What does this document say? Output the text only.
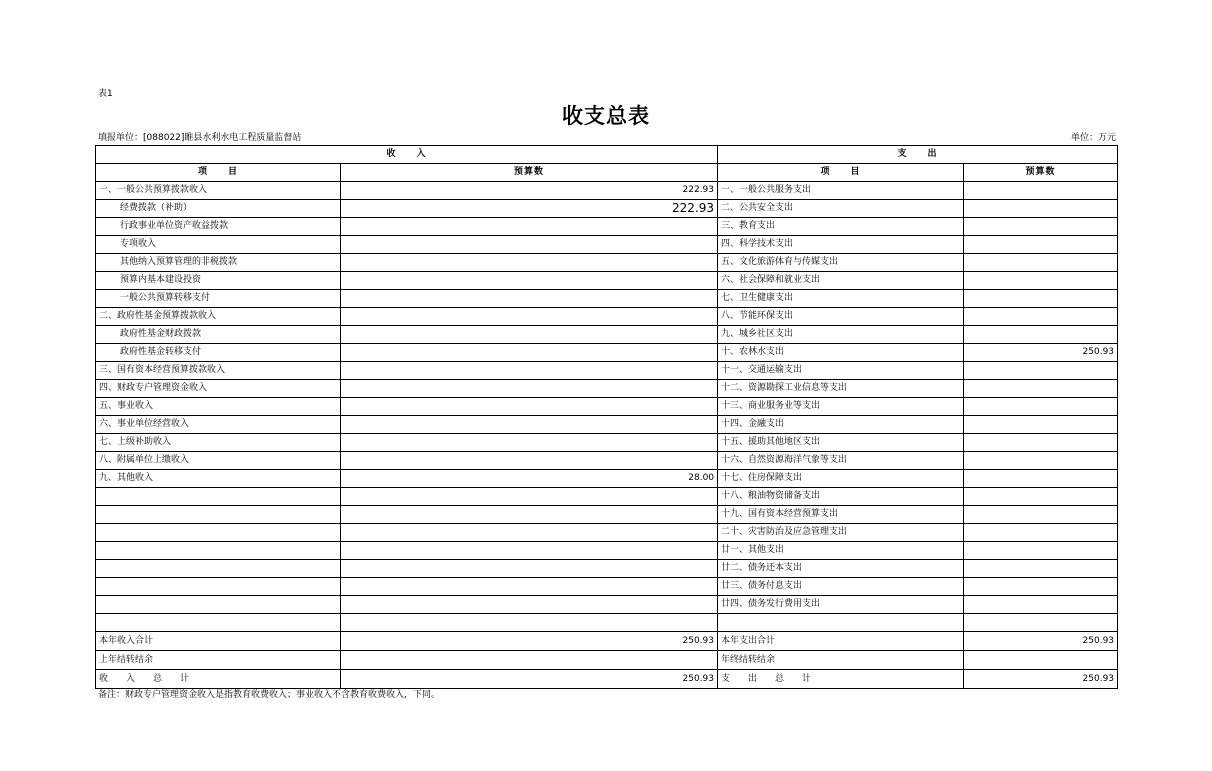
表1
收支总表
填报单位：[088022]睢县水利水电工程质量监督站	单位：万元
收　　入		支　　出	
项　　目	预算数	项　　目	预算数
一、一般公共预算拨款收入	222.93	一、一般公共服务支出	
经费拨款（补助）	222.93	二、公共安全支出	
行政事业单位资产收益拨款		三、教育支出	
专项收入		四、科学技术支出	
其他纳入预算管理的非税拨款		五、文化旅游体育与传媒支出	
预算内基本建设投资		六、社会保障和就业支出	
一般公共预算转移支付		七、卫生健康支出	
二、政府性基金预算拨款收入		八、节能环保支出	
政府性基金财政拨款		九、城乡社区支出	
政府性基金转移支付		十、农林水支出	250.93
三、国有资本经营预算拨款收入		十一、交通运输支出	
四、财政专户管理资金收入		十二、资源勘探工业信息等支出	
五、事业收入		十三、商业服务业等支出	
六、事业单位经营收入		十四、金融支出	
七、上级补助收入		十五、援助其他地区支出	
八、附属单位上缴收入		十六、自然资源海洋气象等支出	
九、其他收入	28.00	十七、住房保障支出	
		十八、粮油物资储备支出	
		十九、国有资本经营预算支出	
		二十、灾害防治及应急管理支出	
		廿一、其他支出	
		廿二、债务还本支出	
		廿三、债务付息支出	
		廿四、债务发行费用支出	

本年收入合计	250.93	本年支出合计	250.93
上年结转结余		年终结转结余	
收　　入　　总　　计	250.93	支　　出　　总　　计	250.93
备注：财政专户管理资金收入是指教育收费收入；事业收入不含教育收费收入，下同。
